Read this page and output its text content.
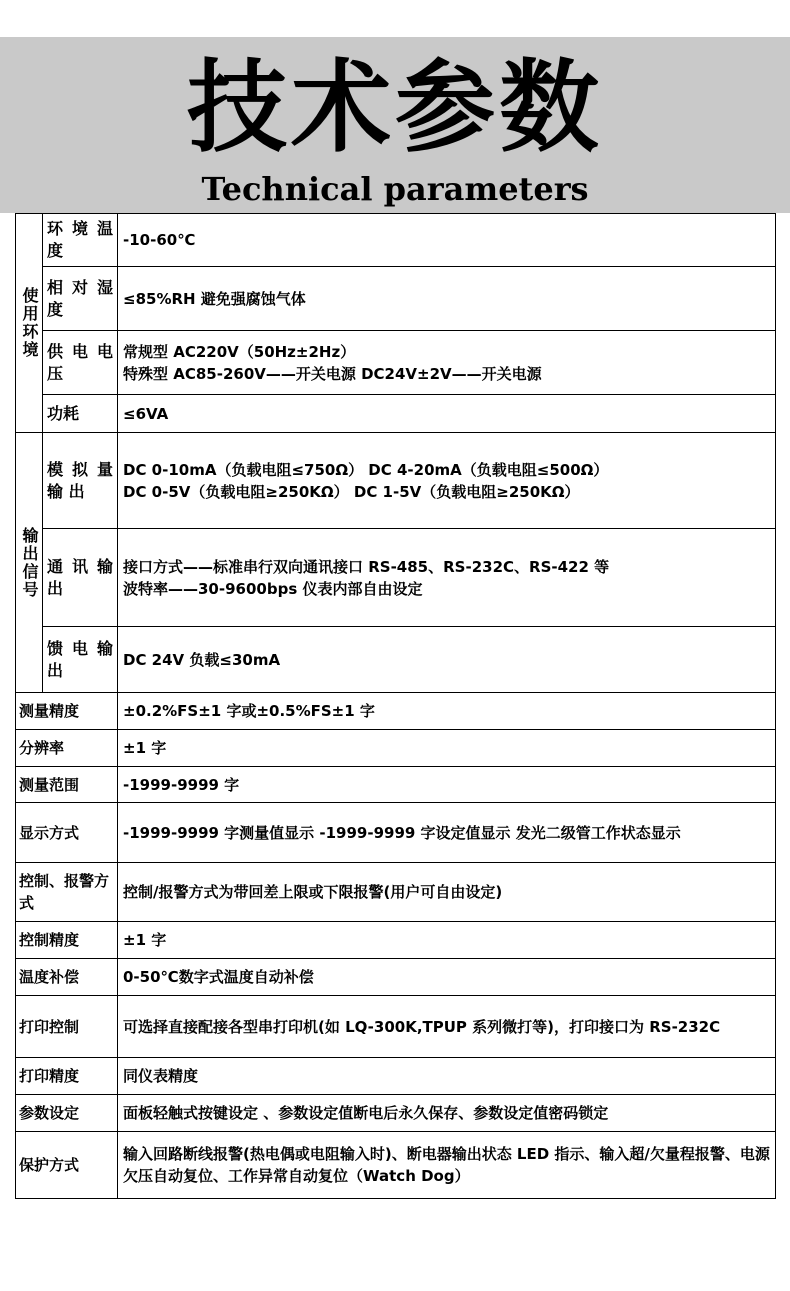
技术参数
Technical parameters
使用环境	环 境 温度	-10-60℃
	相 对 湿度	≤85%RH 避免强腐蚀气体
	供 电 电压	常规型 AC220V（50Hz±2Hz）
特殊型 AC85-260V——开关电源 DC24V±2V——开关电源

	功耗	≤6VA
输出信号	模 拟 量 输 出	DC 0-10mA（负载电阻≤750Ω） DC 4-20mA（负载电阻≤500Ω）
DC 0-5V（负载电阻≥250KΩ） DC 1-5V（负载电阻≥250KΩ）

	通 讯 输出	接口方式——标准串行双向通讯接口 RS-485、RS-232C、RS-422 等
波特率——30-9600bps 仪表内部自由设定

	馈 电 输出	DC 24V 负载≤30mA
测量精度		±0.2%FS±1 字或±0.5%FS±1 字
分辨率		±1 字
测量范围		-1999-9999 字
显示方式		-1999-9999 字测量值显示 -1999-9999 字设定值显示 发光二级管工作状态显示
控制、报警方式		控制/报警方式为带回差上限或下限报警(用户可自由设定)
控制精度		±1 字
温度补偿		0-50℃数字式温度自动补偿
打印控制		可选择直接配接各型串打印机(如 LQ-300K,TPUP 系列微打等)，打印接口为 RS-232C
打印精度		同仪表精度
参数设定		面板轻触式按键设定 、参数设定值断电后永久保存、参数设定值密码锁定
保护方式		输入回路断线报警(热电偶或电阻输入时)、断电器输出状态 LED 指示、输入超/欠量程报警、电源欠压自动复位、工作异常自动复位（Watch Dog）
